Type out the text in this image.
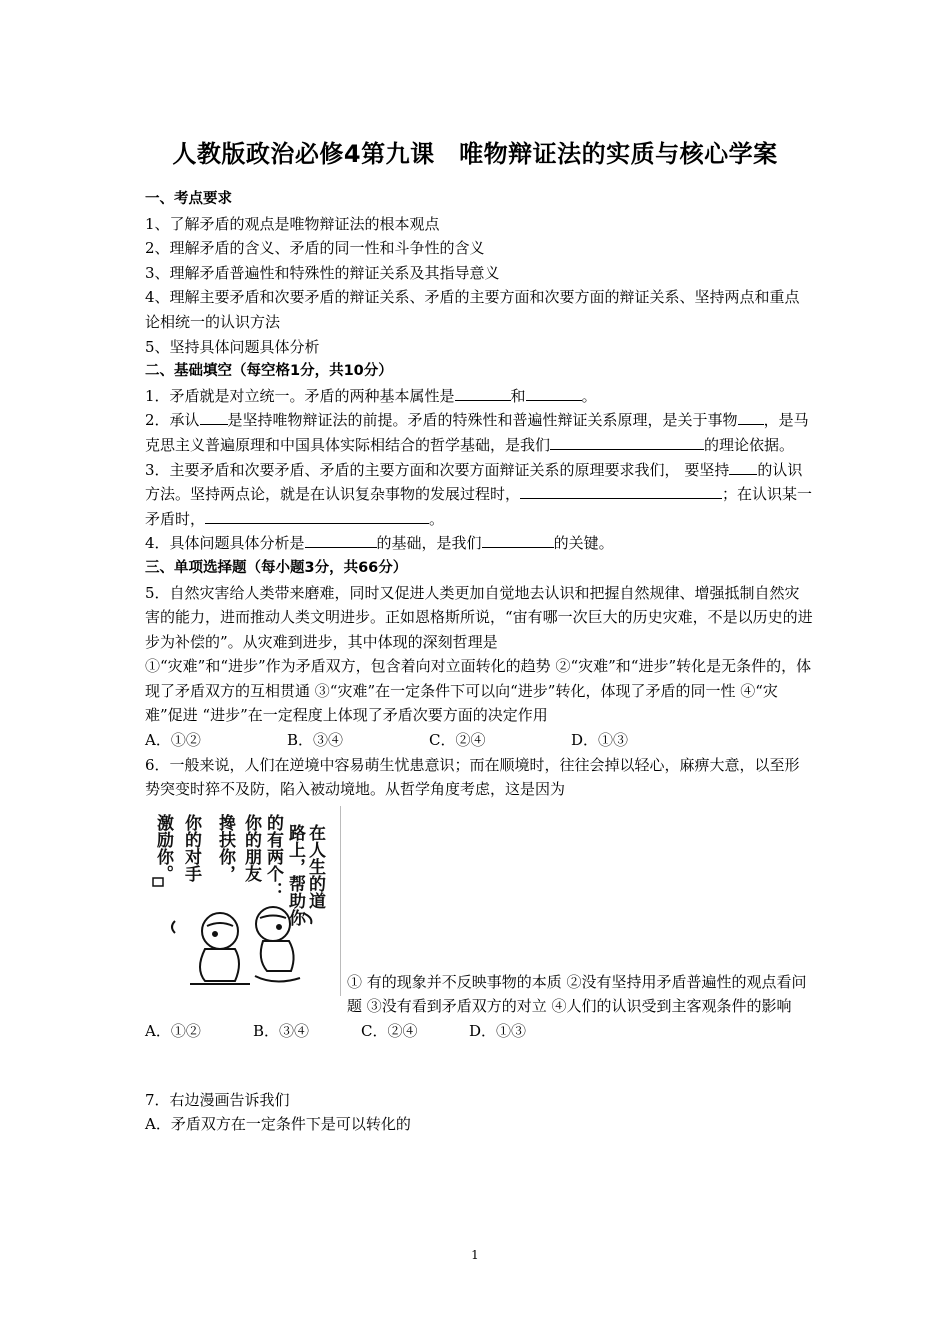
人教版政治必修4第九课　唯物辩证法的实质与核心学案

一、考点要求

1、了解矛盾的观点是唯物辩证法的根本观点

2、理解矛盾的含义、矛盾的同一性和斗争性的含义

3、理解矛盾普遍性和特殊性的辩证关系及其指导意义

4、理解主要矛盾和次要矛盾的辩证关系、矛盾的主要方面和次要方面的辩证关系、坚持两点和重点论相统一的认识方法

5、坚持具体问题具体分析

二、基础填空（每空格1分，共10分）

1．矛盾就是对立统一。矛盾的两种基本属性是	和	。

2．承认 是坚持唯物辩证法的前提。矛盾的特殊性和普遍性辩证关系原理，是关于事物 ，是马克思主义普遍原理和中国具体实际相结合的哲学基础，是我们	的理论依据。

3．主要矛盾和次要矛盾、矛盾的主要方面和次要方面辩证关系的原理要求我们， 要坚持 的认识方法。坚持两点论，就是在认识复杂事物的发展过程时，	；在认识某一矛盾时，	。

4．具体问题具体分析是	的基础，是我们	的关键。

三、单项选择题（每小题3分，共66分）

5．自然灾害给人类带来磨难，同时又促进人类更加自觉地去认识和把握自然规律、增强抵制自然灾害的能力，进而推动人类文明进步。正如恩格斯所说，“宙有哪一次巨大的历史灾难，不是以历史的进步为补偿的”。从灾难到进步，其中体现的深刻哲理是

①“灾难”和“进步”作为矛盾双方，包含着向对立面转化的趋势 ②“灾难”和“进步”转化是无条件的，体现了矛盾双方的互相贯通 ③“灾难”在一定条件下可以向“进步”转化，体现了矛盾的同一性 ④“灾难”促进 “进步”在一定程度上体现了矛盾次要方面的决定作用

A．①②	B．③④	C．②④	D．①③

6．一般来说，人们在逆境中容易萌生忧患意识；而在顺境时，往往会掉以轻心，麻痹大意，以至形势突变时猝不及防，陷入被动境地。从哲学角度考虑，这是因为

在人生的道
路上，帮助你
的有两个：
你的朋友
搀扶你，
你的对手
激励你。

① 有的现象并不反映事物的本质 ②没有坚持用矛盾普遍性的观点看问题 ③没有看到矛盾双方的对立 ④人们的认识受到主客观条件的影响

A．①②	B．③④	C．②④	D．①③

7．右边漫画告诉我们

A．矛盾双方在一定条件下是可以转化的

1
